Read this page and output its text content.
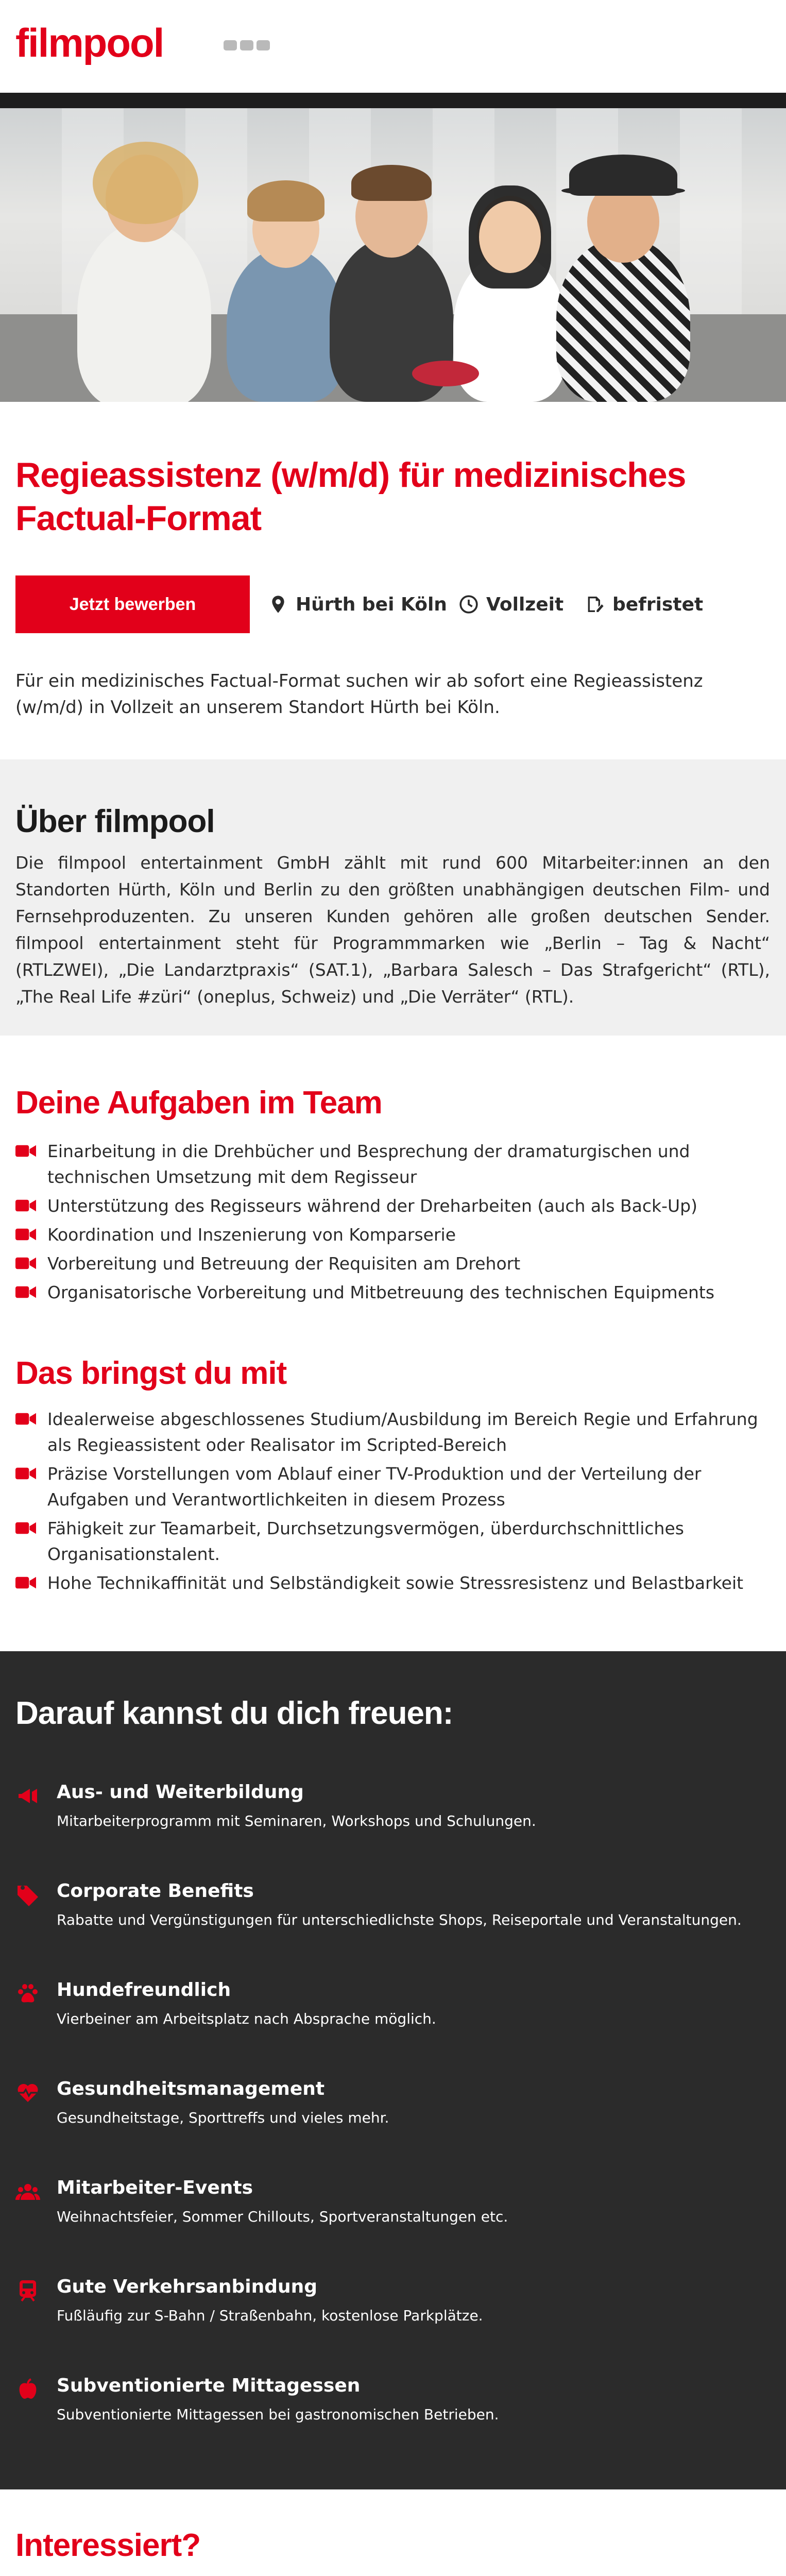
filmpool
Regieassistenz (w/m/d) für medizinisches Factual-Format
Jetzt bewerben	Hürth bei Köln Vollzeit	befristet

Für ein medizinisches Factual-Format suchen wir ab sofort eine Regieassistenz (w/m/d) in Vollzeit an unserem Standort Hürth bei Köln.

Über filmpool

Die filmpool entertainment GmbH zählt mit rund 600 Mitarbeiter:innen an den Standorten Hürth, Köln und Berlin zu den größten unabhängigen deutschen Film- und Fernsehproduzenten. Zu unseren Kunden gehören alle großen deutschen Sender. filmpool entertainment steht für Programmmarken wie „Berlin – Tag & Nacht“ (RTLZWEI), „Die Landarztpraxis“ (SAT.1), „Barbara Salesch – Das Strafgericht“ (RTL), „The Real Life #züri“ (oneplus, Schweiz) und „Die Verräter“ (RTL).

Deine Aufgaben im Team
Einarbeitung in die Drehbücher und Besprechung der dramaturgischen und technischen Umsetzung mit dem Regisseur
Unterstützung des Regisseurs während der Dreharbeiten (auch als Back-Up)
Koordination und Inszenierung von Komparserie
Vorbereitung und Betreuung der Requisiten am Drehort
Organisatorische Vorbereitung und Mitbetreuung des technischen Equipments
Das bringst du mit
Idealerweise abgeschlossenes Studium/Ausbildung im Bereich Regie und Erfahrung als Regieassistent oder Realisator im Scripted-Bereich
Präzise Vorstellungen vom Ablauf einer TV-Produktion und der Verteilung der Aufgaben und Verantwortlichkeiten in diesem Prozess
Fähigkeit zur Teamarbeit, Durchsetzungsvermögen, überdurchschnittliches Organisationstalent.
Hohe Technikaffinität und Selbständigkeit sowie Stressresistenz und Belastbarkeit
Darauf kannst du dich freuen:
Aus- und Weiterbildung
Mitarbeiterprogramm mit Seminaren, Workshops und Schulungen.
Corporate Benefits
Rabatte und Vergünstigungen für unterschiedlichste Shops, Reiseportale und Veranstaltungen.
Hundefreundlich
Vierbeiner am Arbeitsplatz nach Absprache möglich.
Gesundheitsmanagement
Gesundheitstage, Sporttreffs und vieles mehr.
Mitarbeiter-Events
Weihnachtsfeier, Sommer Chillouts, Sportveranstaltungen etc.
Gute Verkehrsanbindung
Fußläufig zur S-Bahn / Straßenbahn, kostenlose Parkplätze.
Subventionierte Mittagessen
Subventionierte Mittagessen bei gastronomischen Betrieben.
Interessiert?
